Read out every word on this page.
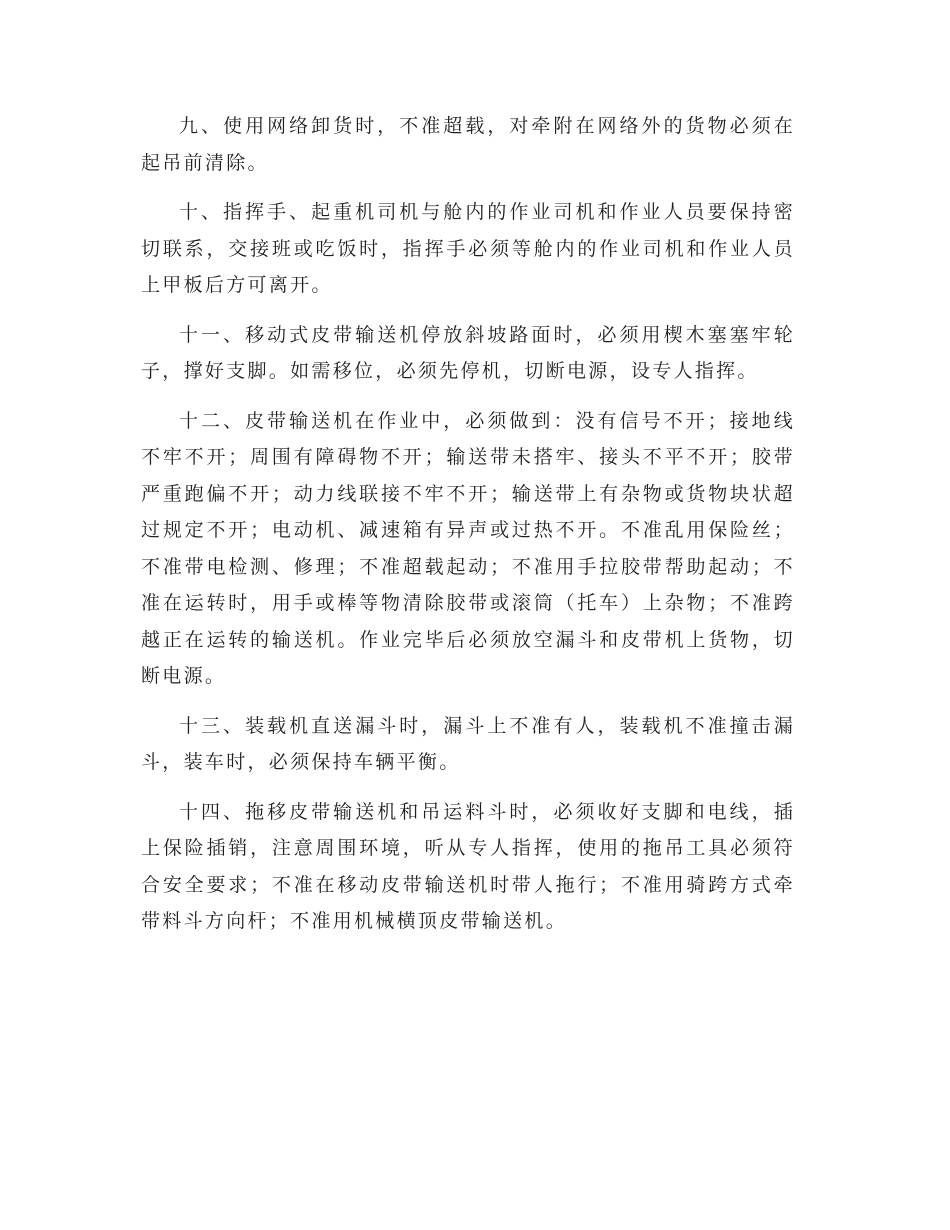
九、使用网络卸货时，不准超载，对牵附在网络外的货物必须在起吊前清除。

十、指挥手、起重机司机与舱内的作业司机和作业人员要保持密切联系，交接班或吃饭时，指挥手必须等舱内的作业司机和作业人员上甲板后方可离开。

十一、移动式皮带输送机停放斜坡路面时，必须用楔木塞塞牢轮子，撑好支脚。如需移位，必须先停机，切断电源，设专人指挥。

十二、皮带输送机在作业中，必须做到：没有信号不开；接地线不牢不开；周围有障碍物不开；输送带未搭牢、接头不平不开；胶带严重跑偏不开；动力线联接不牢不开；输送带上有杂物或货物块状超过规定不开；电动机、减速箱有异声或过热不开。不准乱用保险丝；不准带电检测、修理；不准超载起动；不准用手拉胶带帮助起动；不准在运转时，用手或棒等物清除胶带或滚筒（托车）上杂物；不准跨越正在运转的输送机。作业完毕后必须放空漏斗和皮带机上货物，切断电源。

十三、装载机直送漏斗时，漏斗上不准有人，装载机不准撞击漏斗，装车时，必须保持车辆平衡。

十四、拖移皮带输送机和吊运料斗时，必须收好支脚和电线，插上保险插销，注意周围环境，听从专人指挥，使用的拖吊工具必须符合安全要求；不准在移动皮带输送机时带人拖行；不准用骑跨方式牵带料斗方向杆；不准用机械横顶皮带输送机。
